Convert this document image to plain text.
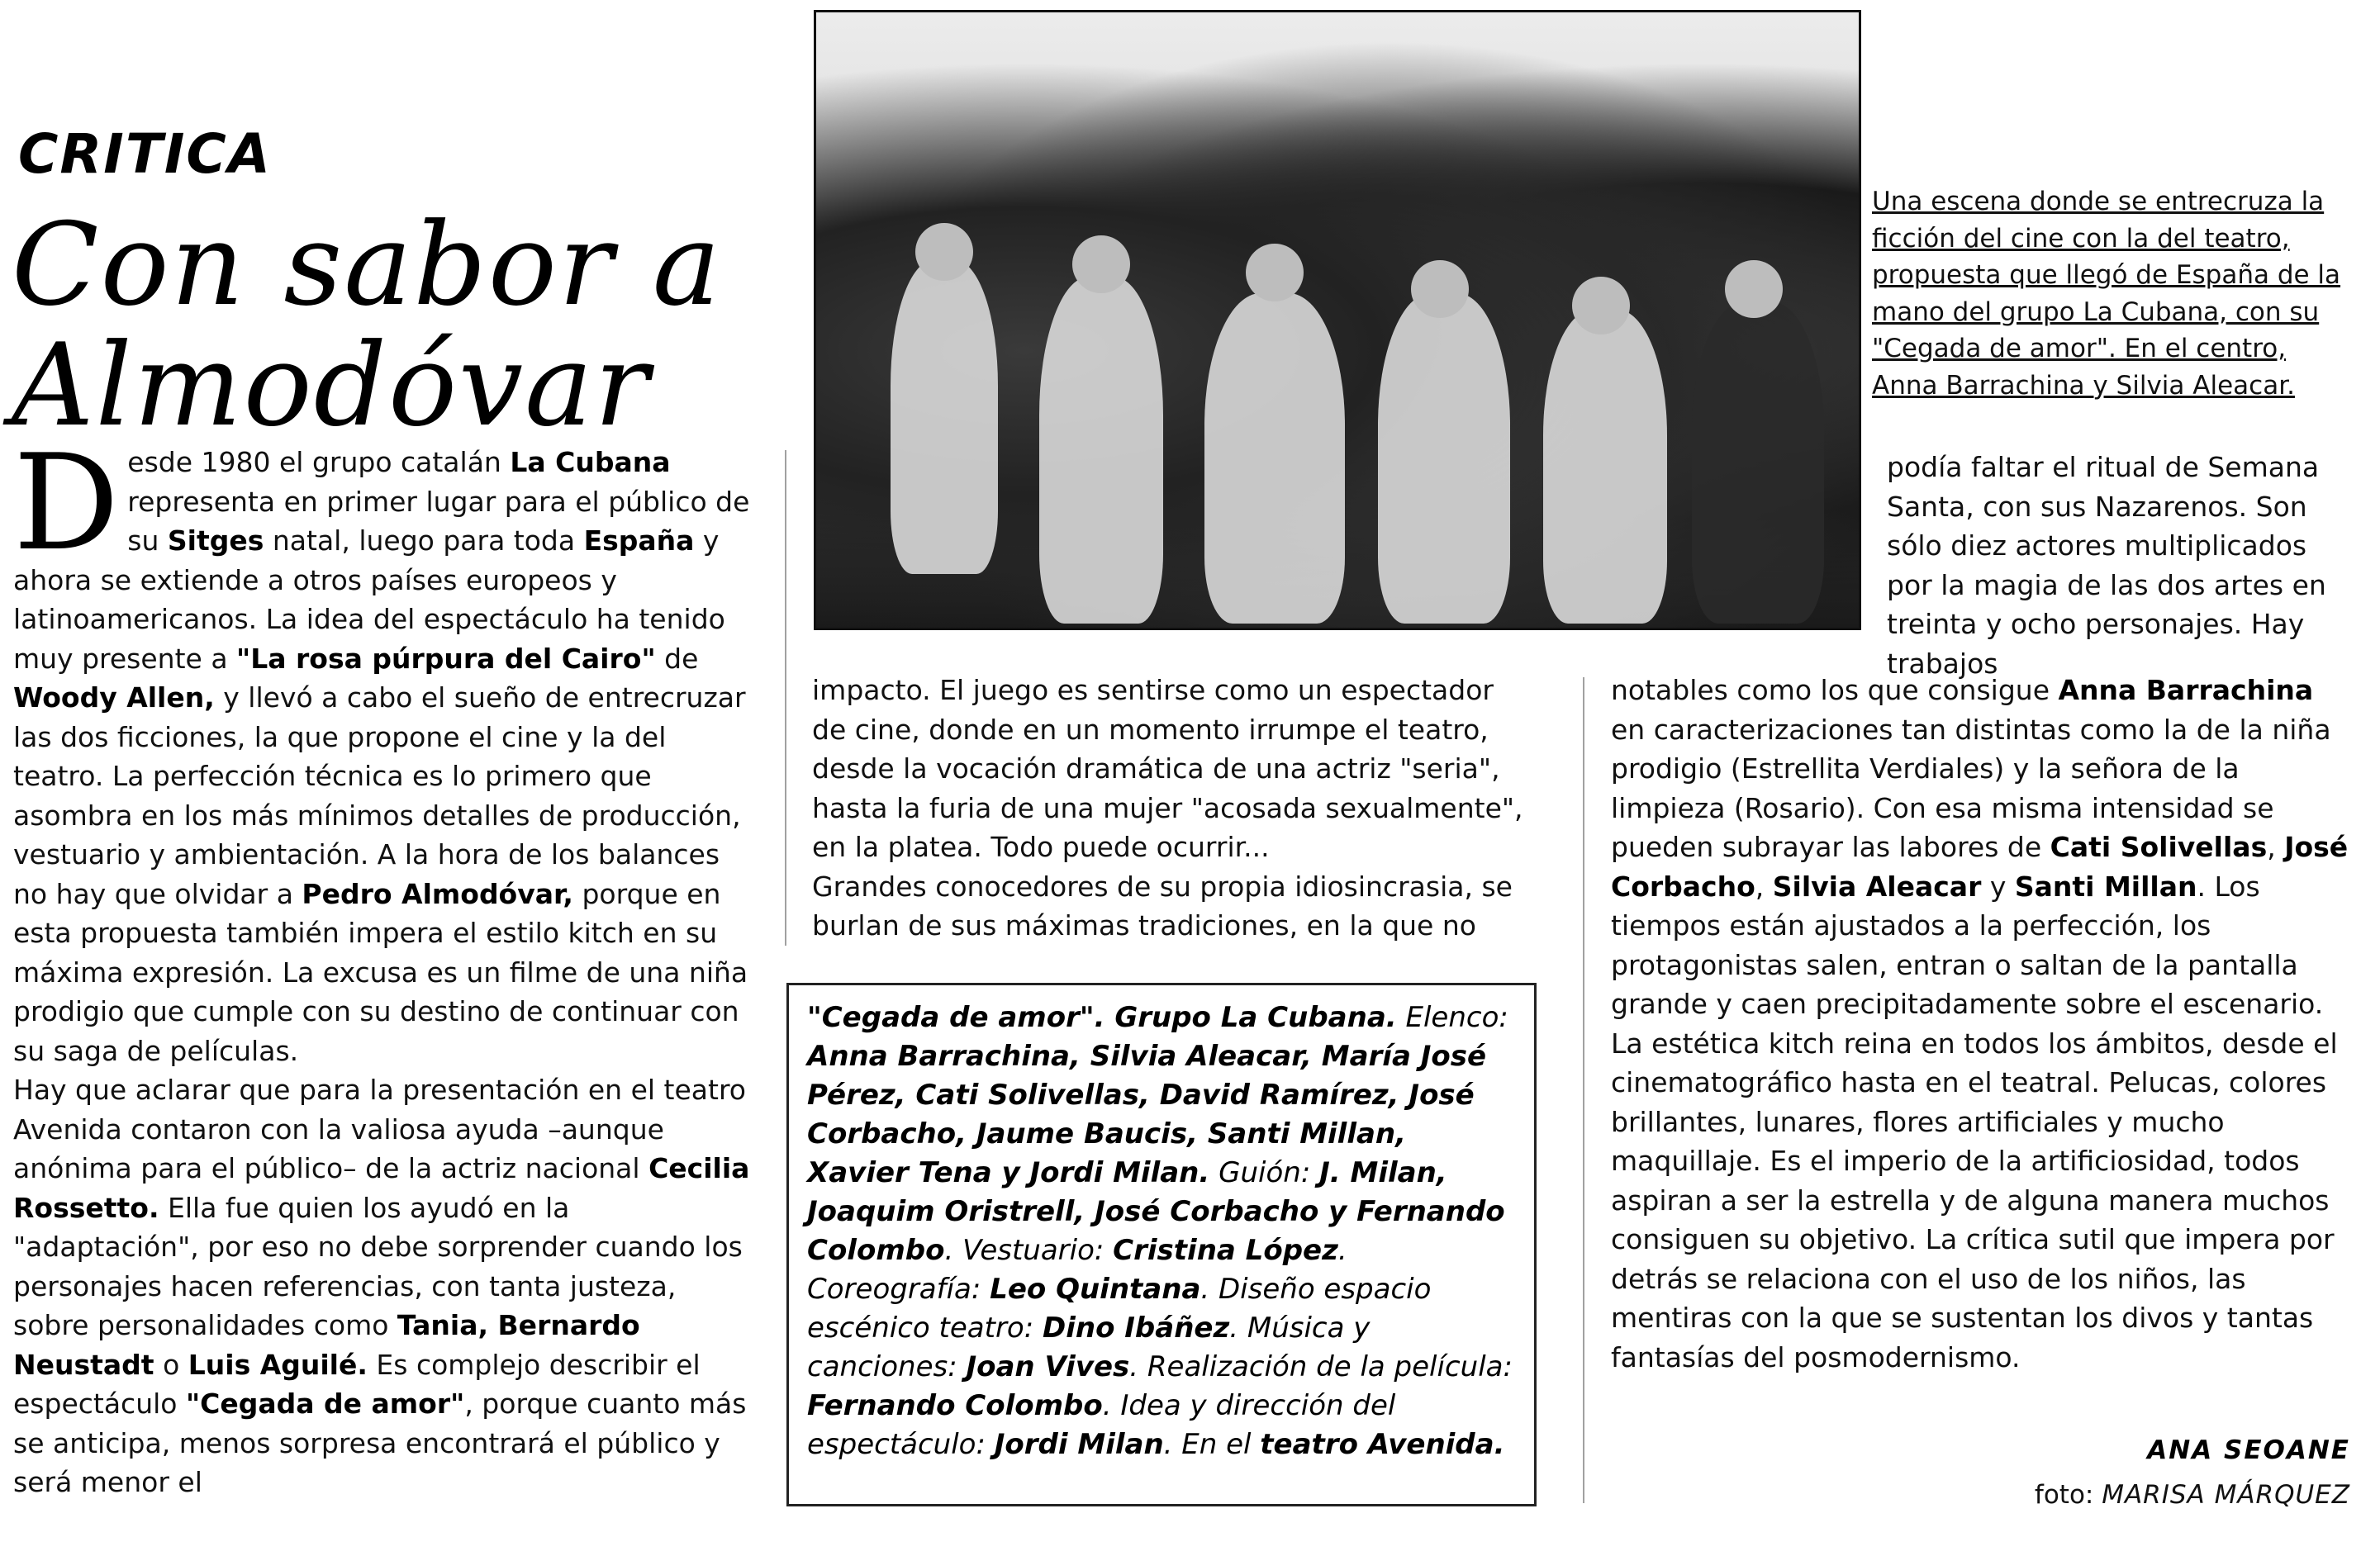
CRITICA
Con sabor a
Almodóvar

Desde 1980 el grupo catalán La Cubana representa en primer lugar para el público de su Sitges natal, luego para toda España y ahora se extiende a otros países europeos y latinoamericanos. La idea del espectáculo ha tenido muy presente a "La rosa púrpura del Cairo" de Woody Allen, y llevó a cabo el sueño de entrecruzar las dos ficciones, la que propone el cine y la del teatro. La perfección técnica es lo primero que asombra en los más mínimos detalles de producción, vestuario y ambientación. A la hora de los balances no hay que olvidar a Pedro Almodóvar, porque en esta propuesta también impera el estilo kitch en su máxima expresión. La excusa es un filme de una niña prodigio que cumple con su destino de continuar con su saga de películas.

Hay que aclarar que para la presentación en el teatro Avenida contaron con la valiosa ayuda –aunque anónima para el público– de la actriz nacional Cecilia Rossetto. Ella fue quien los ayudó en la "adaptación", por eso no debe sorprender cuando los personajes hacen referencias, con tanta justeza, sobre personalidades como Tania, Bernardo Neustadt o Luis Aguilé. Es complejo describir el espectáculo "Cegada de amor", porque cuanto más se anticipa, menos sorpresa encontrará el público y será menor el

Una escena donde se entrecruza la ficción del cine con la del teatro, propuesta que llegó de España de la mano del grupo La Cubana, con su "Cegada de amor". En el centro, Anna Barrachina y Silvia Aleacar.

podía faltar el ritual de Semana Santa, con sus Nazarenos. Son sólo diez actores multiplicados por la magia de las dos artes en treinta y ocho personajes. Hay trabajos

impacto. El juego es sentirse como un espectador de cine, donde en un momento irrumpe el teatro, desde la vocación dramática de una actriz "seria", hasta la furia de una mujer "acosada sexualmente", en la platea. Todo puede ocurrir...

Grandes conocedores de su propia idiosincrasia, se burlan de sus máximas tradiciones, en la que no

notables como los que consigue Anna Barrachina en caracterizaciones tan distintas como la de la niña prodigio (Estrellita Verdiales) y la señora de la limpieza (Rosario). Con esa misma intensidad se pueden subrayar las labores de Cati Solivellas, José Corbacho, Silvia Aleacar y Santi Millan. Los tiempos están ajustados a la perfección, los protagonistas salen, entran o saltan de la pantalla grande y caen precipitadamente sobre el escenario. La estética kitch reina en todos los ámbitos, desde el cinematográfico hasta en el teatral. Pelucas, colores brillantes, lunares, flores artificiales y mucho maquillaje. Es el imperio de la artificiosidad, todos aspiran a ser la estrella y de alguna manera muchos consiguen su objetivo. La crítica sutil que impera por detrás se relaciona con el uso de los niños, las mentiras con la que se sustentan los divos y tantas fantasías del posmodernismo.

"Cegada de amor". Grupo La Cubana. Elenco: Anna Barrachina, Silvia Aleacar, María José Pérez, Cati Solivellas, David Ramírez, José Corbacho, Jaume Baucis, Santi Millan, Xavier Tena y Jordi Milan. Guión: J. Milan, Joaquim Oristrell, José Corbacho y Fernando Colombo. Vestuario: Cristina López. Coreografía: Leo Quintana. Diseño espacio escénico teatro: Dino Ibáñez. Música y canciones: Joan Vives. Realización de la película: Fernando Colombo. Idea y dirección del espectáculo: Jordi Milan. En el teatro Avenida.	ANA SEOANE
foto: MARISA MÁRQUEZ
